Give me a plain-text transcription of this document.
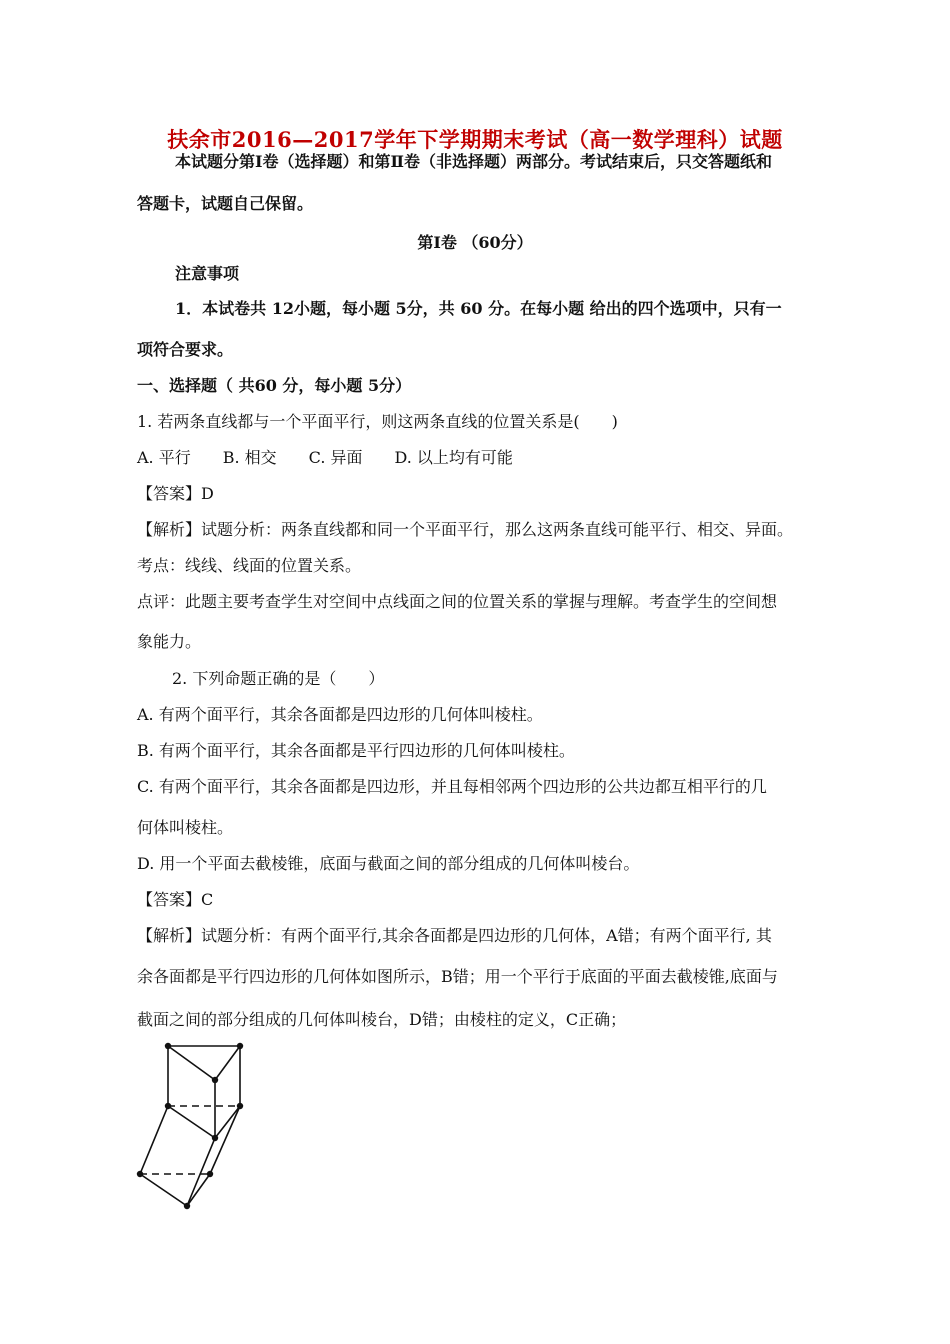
扶余市2016—2017学年下学期期末考试（高一数学理科）试题
本试题分第Ⅰ卷（选择题）和第Ⅱ卷（非选择题）两部分。考试结束后，只交答题纸和
答题卡，试题自己保留。
第Ⅰ卷 （60分）
注意事项
1．本试卷共 12小题，每小题 5分，共 60 分。在每小题 给出的四个选项中，只有一
项符合要求。
一、选择题（ 共60 分，每小题 5分）
1. 若两条直线都与一个平面平行，则这两条直线的位置关系是(　　)
A. 平行　　B. 相交　　C. 异面　　D. 以上均有可能
【答案】D
【解析】试题分析：两条直线都和同一个平面平行，那么这两条直线可能平行、相交、异面。
考点：线线、线面的位置关系。
点评：此题主要考查学生对空间中点线面之间的位置关系的掌握与理解。考查学生的空间想
象能力。
2. 下列命题正确的是（　　）
A. 有两个面平行，其余各面都是四边形的几何体叫棱柱。
B. 有两个面平行，其余各面都是平行四边形的几何体叫棱柱。
C. 有两个面平行，其余各面都是四边形，并且每相邻两个四边形的公共边都互相平行的几
何体叫棱柱。
D. 用一个平面去截棱锥，底面与截面之间的部分组成的几何体叫棱台。
【答案】C
【解析】试题分析：有两个面平行,其余各面都是四边形的几何体，A错；有两个面平行, 其
余各面都是平行四边形的几何体如图所示，B错；用一个平行于底面的平面去截棱锥,底面与
截面之间的部分组成的几何体叫棱台，D错；由棱柱的定义，C正确；
